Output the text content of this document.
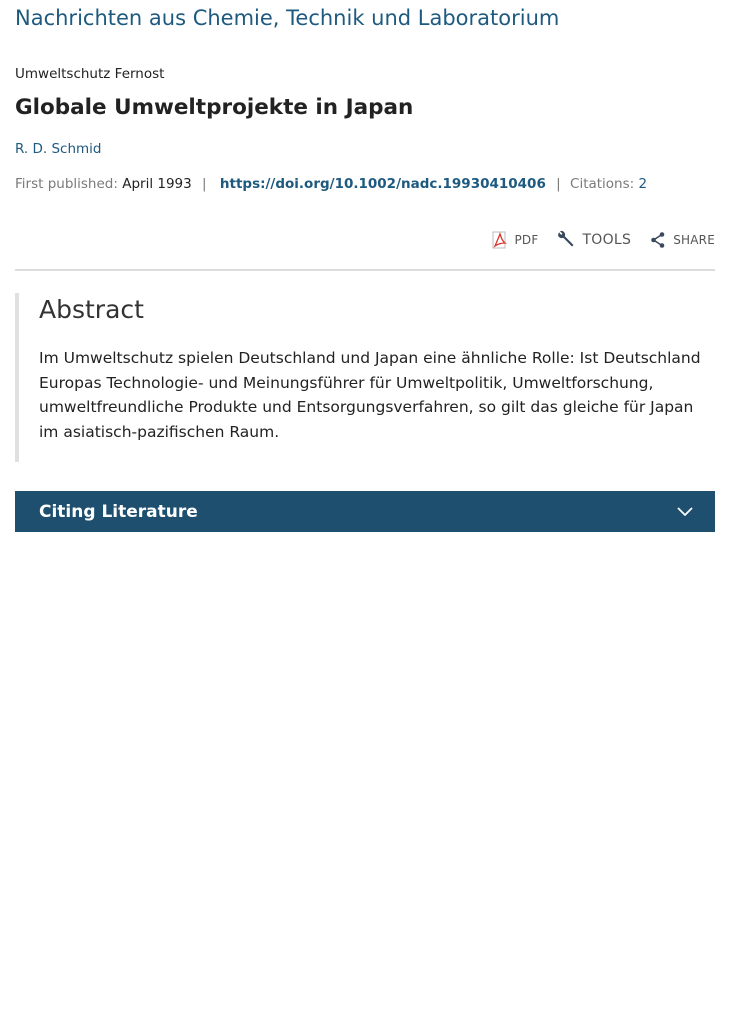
Nachrichten aus Chemie, Technik und Laboratorium
Umweltschutz Fernost
Globale Umweltprojekte in Japan
R. D. Schmid
First published: April 1993 | https://doi.org/10.1002/nadc.19930410406 | Citations: 2
PDF	TOOLS	SHARE
Abstract

Im Umweltschutz spielen Deutschland und Japan eine ähnliche Rolle: Ist Deutschland Europas Technologie- und Meinungsführer für Umweltpolitik, Umweltforschung, umweltfreundliche Produkte und Entsorgungsverfahren, so gilt das gleiche für Japan im asiatisch-pazifischen Raum.

Citing Literature
